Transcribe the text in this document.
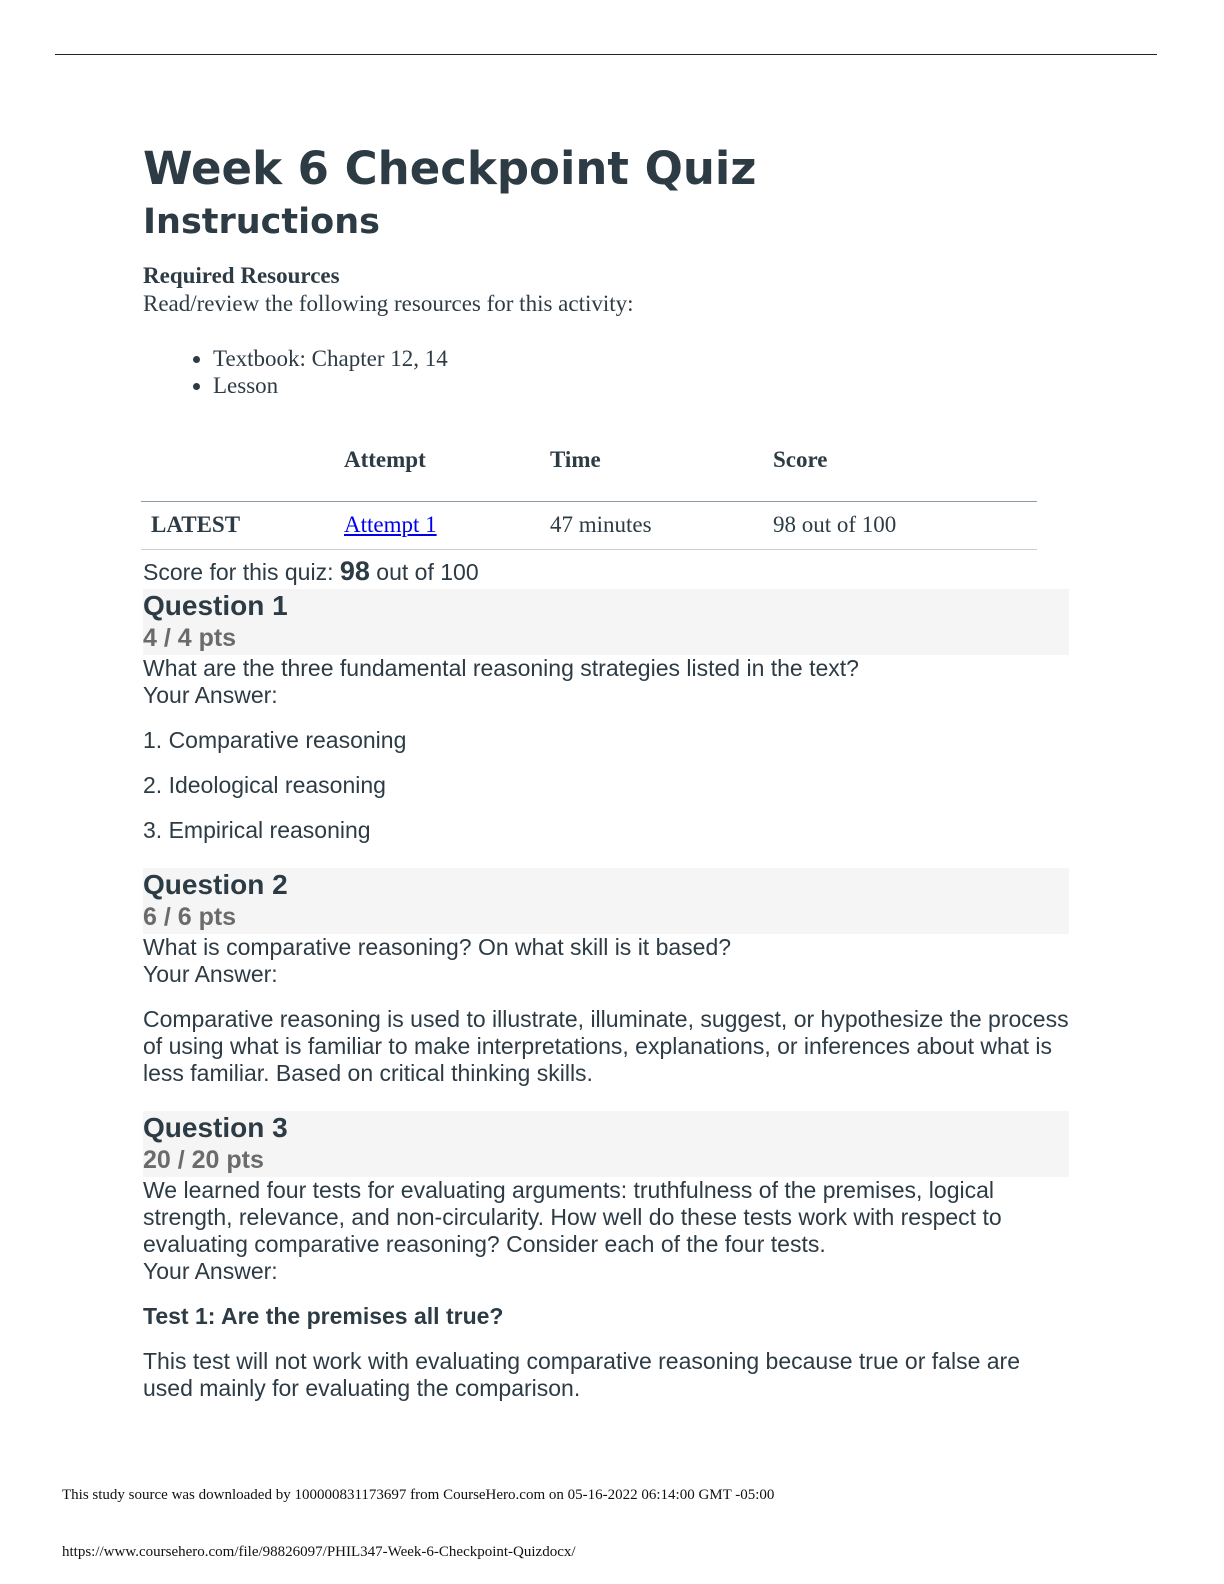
Week 6 Checkpoint Quiz
Instructions
Required Resources
Read/review the following resources for this activity:
• Textbook: Chapter 12, 14
• Lesson
	Attempt	Time	Score
LATEST	Attempt 1	47 minutes	98 out of 100
Score for this quiz: 98 out of 100
Question 1
4 / 4 pts
What are the three fundamental reasoning strategies listed in the text?
Your Answer:

1. Comparative reasoning

2. Ideological reasoning

3. Empirical reasoning

Question 2
6 / 6 pts
What is comparative reasoning? On what skill is it based?
Your Answer:

Comparative reasoning is used to illustrate, illuminate, suggest, or hypothesize the process of using what is familiar to make interpretations, explanations, or inferences about what is less familiar. Based on critical thinking skills.

Question 3
20 / 20 pts
We learned four tests for evaluating arguments: truthfulness of the premises, logical strength, relevance, and non-circularity. How well do these tests work with respect to evaluating comparative reasoning? Consider each of the four tests.
Your Answer:

Test 1: Are the premises all true?

This test will not work with evaluating comparative reasoning because true or false are used mainly for evaluating the comparison.

This study source was downloaded by 100000831173697 from CourseHero.com on 05-16-2022 06:14:00 GMT -05:00
https://www.coursehero.com/file/98826097/PHIL347-Week-6-Checkpoint-Quizdocx/
